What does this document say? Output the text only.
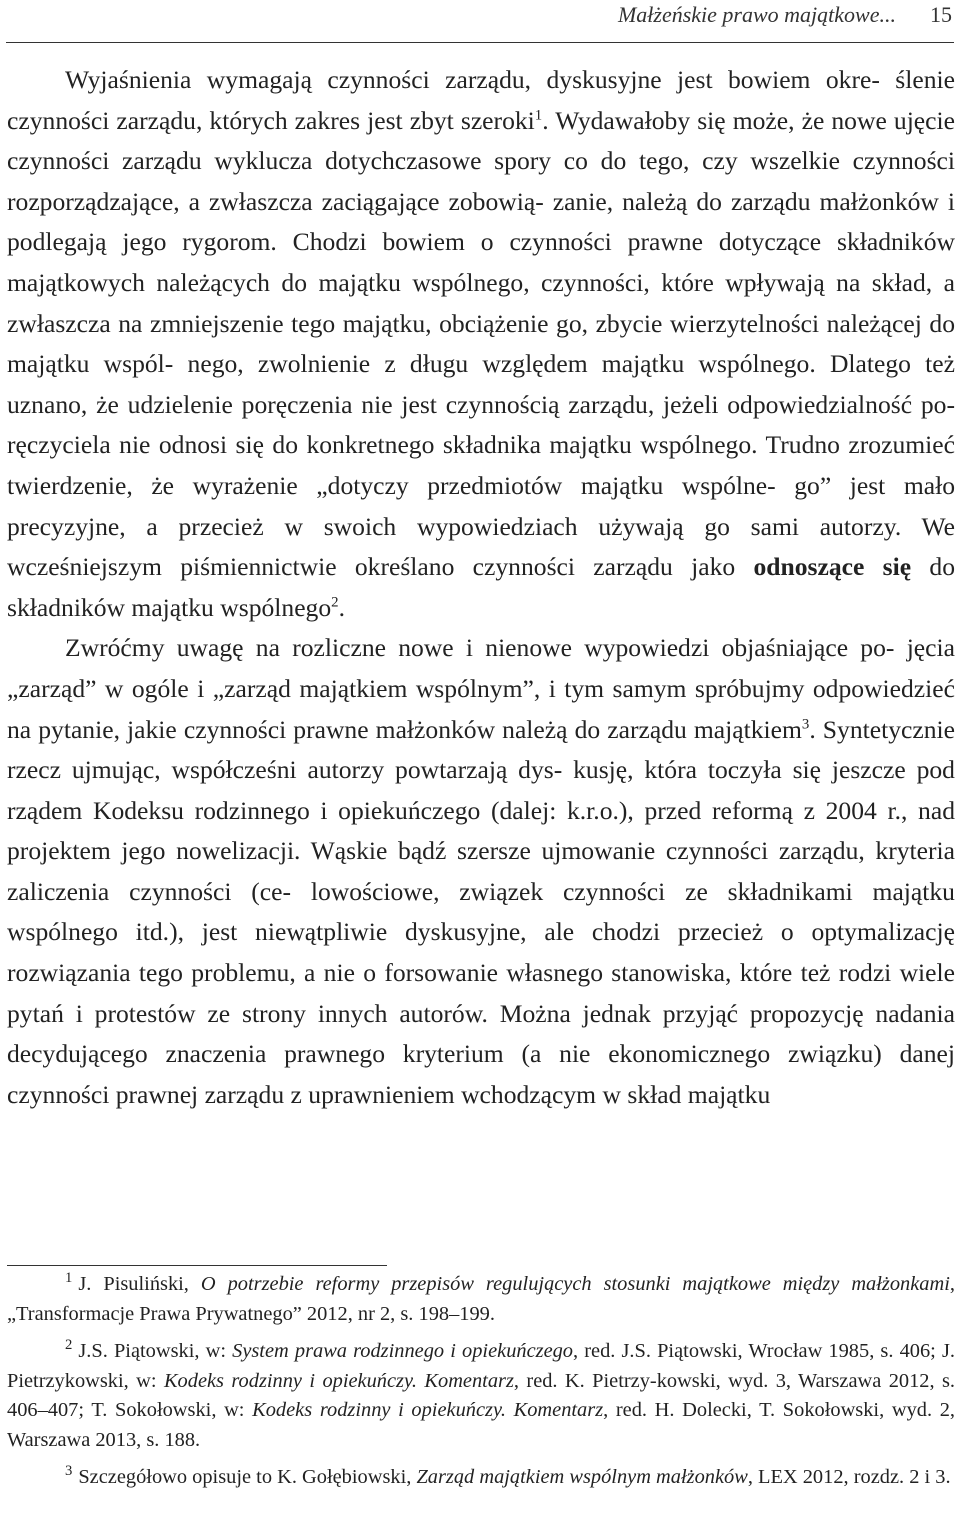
Małżeńskie prawo majątkowe... 15

Wyjaśnienia wymagają czynności zarządu, dyskusyjne jest bowiem okre- ślenie czynności zarządu, których zakres jest zbyt szeroki$^1$. Wydawałoby się może, że nowe ujęcie czynności zarządu wyklucza dotychczasowe spory co do tego, czy wszelkie czynności rozporządzające, a zwłaszcza zaciągające zobowią- zanie, należą do zarządu małżonków i podlegają jego rygorom. Chodzi bowiem o czynności prawne dotyczące składników majątkowych należących do majątku wspólnego, czynności, które wpływają na skład, a zwłaszcza na zmniejszenie tego majątku, obciążenie go, zbycie wierzytelności należącej do majątku wspól- nego, zwolnienie z długu względem majątku wspólnego. Dlatego też uznano, że udzielenie poręczenia nie jest czynnością zarządu, jeżeli odpowiedzialność po- ręczyciela nie odnosi się do konkretnego składnika majątku wspólnego. Trudno zrozumieć twierdzenie, że wyrażenie „dotyczy przedmiotów majątku wspólne- go” jest mało precyzyjne, a przecież w swoich wypowiedziach używają go sami autorzy. We wcześniejszym piśmiennictwie określano czynności zarządu jako odnoszące się do składników majątku wspólnego$^2$.

Zwróćmy uwagę na rozliczne nowe i nienowe wypowiedzi objaśniające po- jęcia „zarząd” w ogóle i „zarząd majątkiem wspólnym”, i tym samym spróbujmy odpowiedzieć na pytanie, jakie czynności prawne małżonków należą do zarządu majątkiem$^3$. Syntetycznie rzecz ujmując, współcześni autorzy powtarzają dys- kusję, która toczyła się jeszcze pod rządem Kodeksu rodzinnego i opiekuńczego (dalej: k.r.o.), przed reformą z 2004 r., nad projektem jego nowelizacji. Wąskie bądź szersze ujmowanie czynności zarządu, kryteria zaliczenia czynności (ce- lowościowe, związek czynności ze składnikami majątku wspólnego itd.), jest niewątpliwie dyskusyjne, ale chodzi przecież o optymalizację rozwiązania tego problemu, a nie o forsowanie własnego stanowiska, które też rodzi wiele pytań i protestów ze strony innych autorów. Można jednak przyjąć propozycję nadania decydującego znaczenia prawnego kryterium (a nie ekonomicznego związku) danej czynności prawnej zarządu z uprawnieniem wchodzącym w skład majątku

$^1$ J. Pisuliński, O potrzebie reformy przepisów regulujących stosunki majątkowe między małżonkami, „Transformacje Prawa Prywatnego” 2012, nr 2, s. 198–199.

$^2$ J.S. Piątowski, w: System prawa rodzinnego i opiekuńczego, red. J.S. Piątowski, Wrocław 1985, s. 406; J. Pietrzykowski, w: Kodeks rodzinny i opiekuńczy. Komentarz, red. K. Pietrzy-kowski, wyd. 3, Warszawa 2012, s. 406–407; T. Sokołowski, w: Kodeks rodzinny i opiekuńczy. Komentarz, red. H. Dolecki, T. Sokołowski, wyd. 2, Warszawa 2013, s. 188.

$^3$ Szczegółowo opisuje to K. Gołębiowski, Zarząd majątkiem wspólnym małżonków, LEX 2012, rozdz. 2 i 3.
